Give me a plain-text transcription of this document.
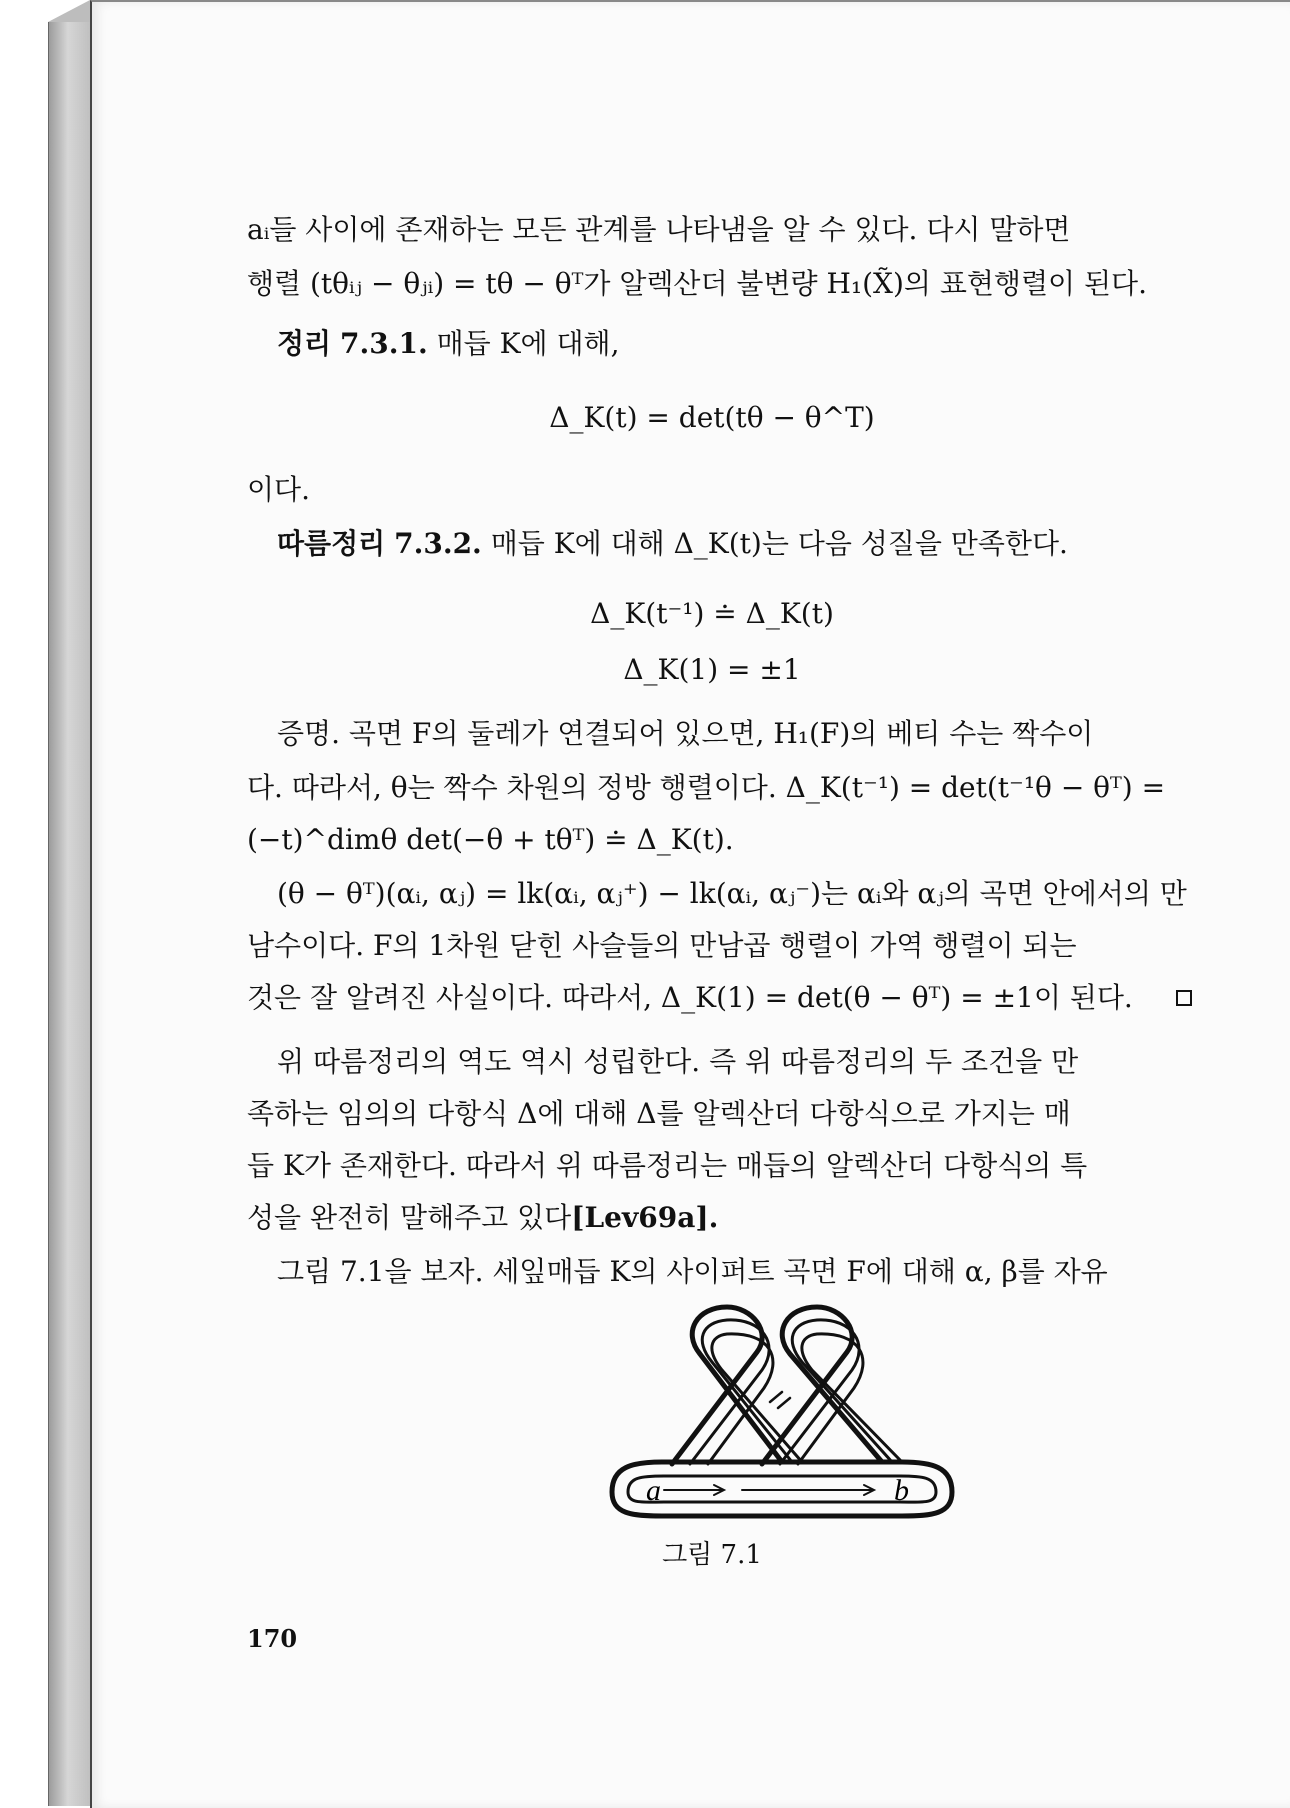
aᵢ들 사이에 존재하는 모든 관계를 나타냄을 알 수 있다. 다시 말하면
행렬 (tθᵢⱼ − θⱼᵢ) = tθ − θᵀ가 알렉산더 불변량 H₁(X̃)의 표현행렬이 된다.
정리 7.3.1. 매듭 K에 대해,
Δ_K(t) = det(tθ − θ^T)
이다.
따름정리 7.3.2. 매듭 K에 대해 Δ_K(t)는 다음 성질을 만족한다.
Δ_K(t⁻¹) ≐ Δ_K(t)
Δ_K(1) = ±1
증명. 곡면 F의 둘레가 연결되어 있으면, H₁(F)의 베티 수는 짝수이
다. 따라서, θ는 짝수 차원의 정방 행렬이다. Δ_K(t⁻¹) = det(t⁻¹θ − θᵀ) =
(−t)^dimθ det(−θ + tθᵀ) ≐ Δ_K(t).
(θ − θᵀ)(αᵢ, αⱼ) = lk(αᵢ, αⱼ⁺) − lk(αᵢ, αⱼ⁻)는 αᵢ와 αⱼ의 곡면 안에서의 만
남수이다. F의 1차원 닫힌 사슬들의 만남곱 행렬이 가역 행렬이 되는
것은 잘 알려진 사실이다. 따라서, Δ_K(1) = det(θ − θᵀ) = ±1이 된다.
위 따름정리의 역도 역시 성립한다. 즉 위 따름정리의 두 조건을 만
족하는 임의의 다항식 Δ에 대해 Δ를 알렉산더 다항식으로 가지는 매
듭 K가 존재한다. 따라서 위 따름정리는 매듭의 알렉산더 다항식의 특
성을 완전히 말해주고 있다[Lev69a].
그림 7.1을 보자. 세잎매듭 K의 사이퍼트 곡면 F에 대해 α, β를 자유
그림 7.1
170
a	b
